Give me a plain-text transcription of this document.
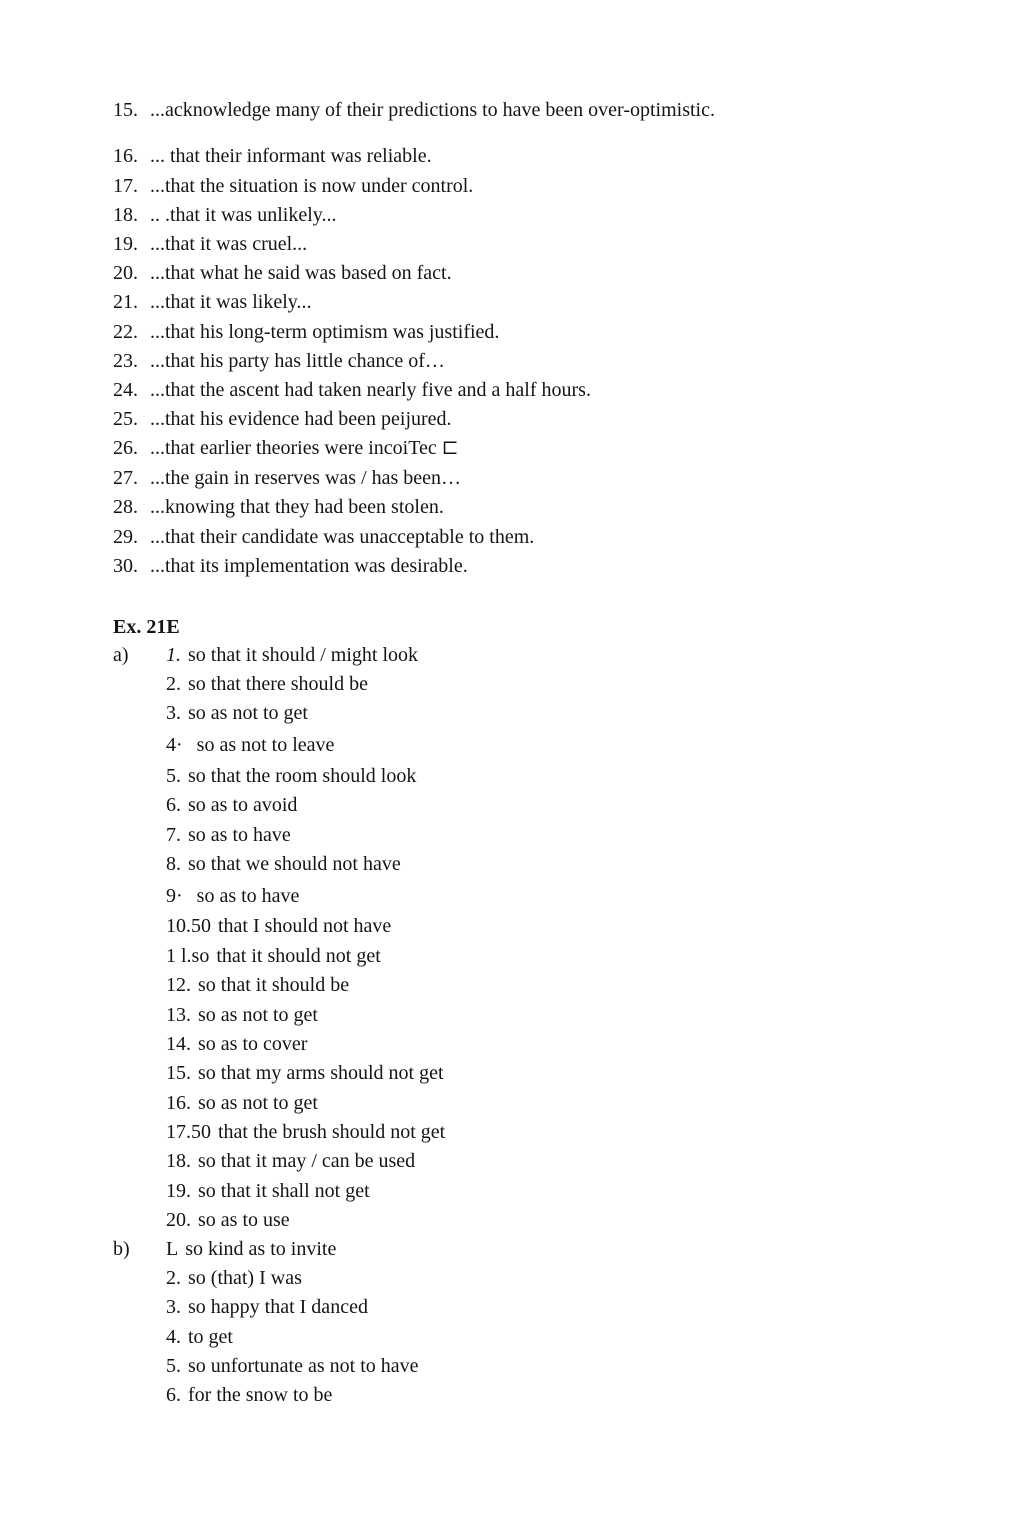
15. ...acknowledge many of their predictions to have been over-optimistic.
16. ... that their informant was reliable.
17. ...that the situation is now under control.
18. .. .that it was unlikely...
19. ...that it was cruel...
20. ...that what he said was based on fact.
21. ...that it was likely...
22. ...that his long-term optimism was justified.
23. ...that his party has little chance of…
24. ...that the ascent had taken nearly five and a half hours.
25. ...that his evidence had been peijured.
26. ...that earlier theories were incoiTec ⊏
27. ...the gain in reserves was / has been…
28. ...knowing that they had been stolen.
29. ...that their candidate was unacceptable to them.
30. ...that its implementation was desirable.
Ex. 21E
a) 1. so that it should / might look
2. so that there should be
3. so as not to get
4· so as not to leave
5. so that the room should look
6. so as to avoid
7. so as to have
8. so that we should not have
9· so as to have
10.50 that I should not have
1 l.so that it should not get
12. so that it should be
13. so as not to get
14. so as to cover
15. so that my arms should not get
16. so as not to get
17.50 that the brush should not get
18. so that it may / can be used
19. so that it shall not get
20. so as to use
b) L so kind as to invite
2. so (that) I was
3. so happy that I danced
4. to get
5. so unfortunate as not to have
6. for the snow to be
